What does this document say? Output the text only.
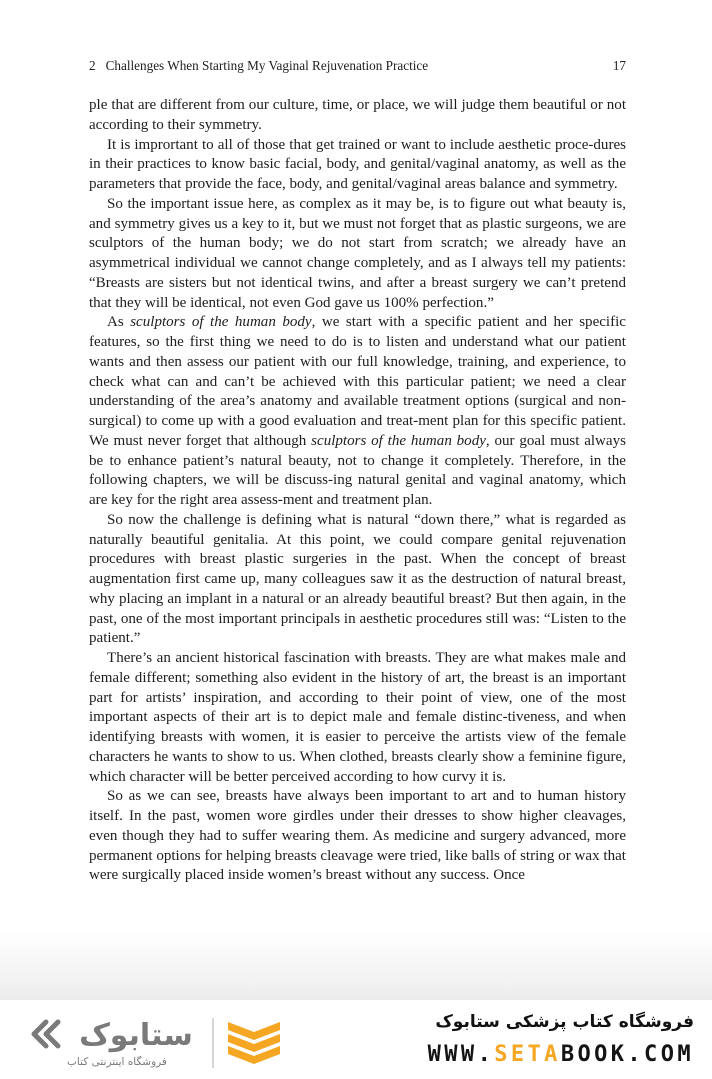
2 Challenges When Starting My Vaginal Rejuvenation Practice	17

ple that are different from our culture, time, or place, we will judge them beautiful or not according to their symmetry.

It is imprortant to all of those that get trained or want to include aesthetic proce-dures in their practices to know basic facial, body, and genital/vaginal anatomy, as well as the parameters that provide the face, body, and genital/vaginal areas balance and symmetry.

So the important issue here, as complex as it may be, is to figure out what beauty is, and symmetry gives us a key to it, but we must not forget that as plastic surgeons, we are sculptors of the human body; we do not start from scratch; we already have an asymmetrical individual we cannot change completely, and as I always tell my patients: “Breasts are sisters but not identical twins, and after a breast surgery we can’t pretend that they will be identical, not even God gave us 100% perfection.”

As sculptors of the human body, we start with a specific patient and her specific features, so the first thing we need to do is to listen and understand what our patient wants and then assess our patient with our full knowledge, training, and experience, to check what can and can’t be achieved with this particular patient; we need a clear understanding of the area’s anatomy and available treatment options (surgical and non-surgical) to come up with a good evaluation and treat-ment plan for this specific patient. We must never forget that although sculptors of the human body, our goal must always be to enhance patient’s natural beauty, not to change it completely. Therefore, in the following chapters, we will be discuss-ing natural genital and vaginal anatomy, which are key for the right area assess-ment and treatment plan.

So now the challenge is defining what is natural “down there,” what is regarded as naturally beautiful genitalia. At this point, we could compare genital rejuvenation procedures with breast plastic surgeries in the past. When the concept of breast augmentation first came up, many colleagues saw it as the destruction of natural breast, why placing an implant in a natural or an already beautiful breast? But then again, in the past, one of the most important principals in aesthetic procedures still was: “Listen to the patient.”

There’s an ancient historical fascination with breasts. They are what makes male and female different; something also evident in the history of art, the breast is an important part for artists’ inspiration, and according to their point of view, one of the most important aspects of their art is to depict male and female distinc-tiveness, and when identifying breasts with women, it is easier to perceive the artists view of the female characters he wants to show to us. When clothed, breasts clearly show a feminine figure, which character will be better perceived according to how curvy it is.

So as we can see, breasts have always been important to art and to human history itself. In the past, women wore girdles under their dresses to show higher cleavages, even though they had to suffer wearing them. As medicine and surgery advanced, more permanent options for helping breasts cleavage were tried, like balls of string or wax that were surgically placed inside women’s breast without any success. Once

ستابوک
فروشگاه اینترنتی کتاب
فروشگاه کتاب پزشکی ستابوک
WWW.SETABOOK.COM
